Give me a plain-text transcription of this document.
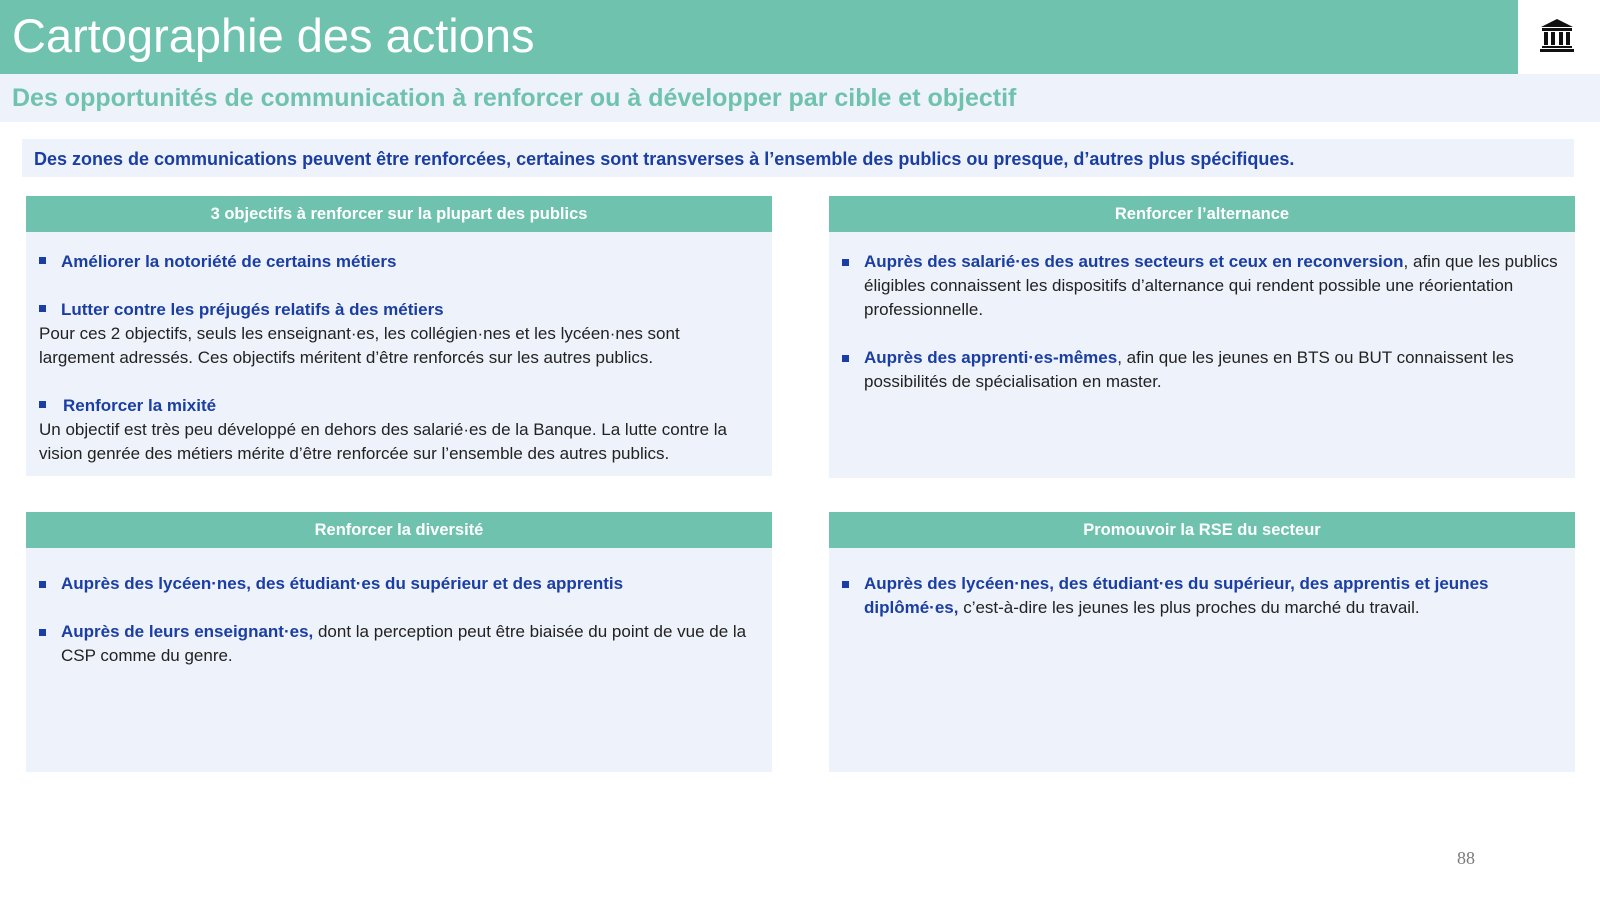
Cartographie des actions
Des opportunités de communication à renforcer ou à développer par cible et objectif
Des zones de communications peuvent être renforcées, certaines sont transverses à l’ensemble des publics ou presque, d’autres plus spécifiques.
3 objectifs à renforcer sur la plupart des publics
Améliorer la notoriété de certains métiers
Lutter contre les préjugés relatifs à des métiers
Pour ces 2 objectifs, seuls les enseignant·es, les collégien·nes et les lycéen·nes sont largement adressés. Ces objectifs méritent d’être renforcés sur les autres publics.
Renforcer la mixité
Un objectif est très peu développé en dehors des salarié·es de la Banque. La lutte contre la vision genrée des métiers mérite d’être renforcée sur l’ensemble des autres publics.
Renforcer l’alternance
Auprès des salarié·es des autres secteurs et ceux en reconversion, afin que les publics éligibles connaissent les dispositifs d’alternance qui rendent possible une réorientation professionnelle.
Auprès des apprenti·es-mêmes, afin que les jeunes en BTS ou BUT connaissent les possibilités de spécialisation en master.
Renforcer la diversité
Auprès des lycéen·nes, des étudiant·es du supérieur et des apprentis
Auprès de leurs enseignant·es, dont la perception peut être biaisée du point de vue de la CSP comme du genre.
Promouvoir la RSE du secteur
Auprès des lycéen·nes, des étudiant·es du supérieur, des apprentis et jeunes diplômé·es, c’est-à-dire les jeunes les plus proches du marché du travail.
88
